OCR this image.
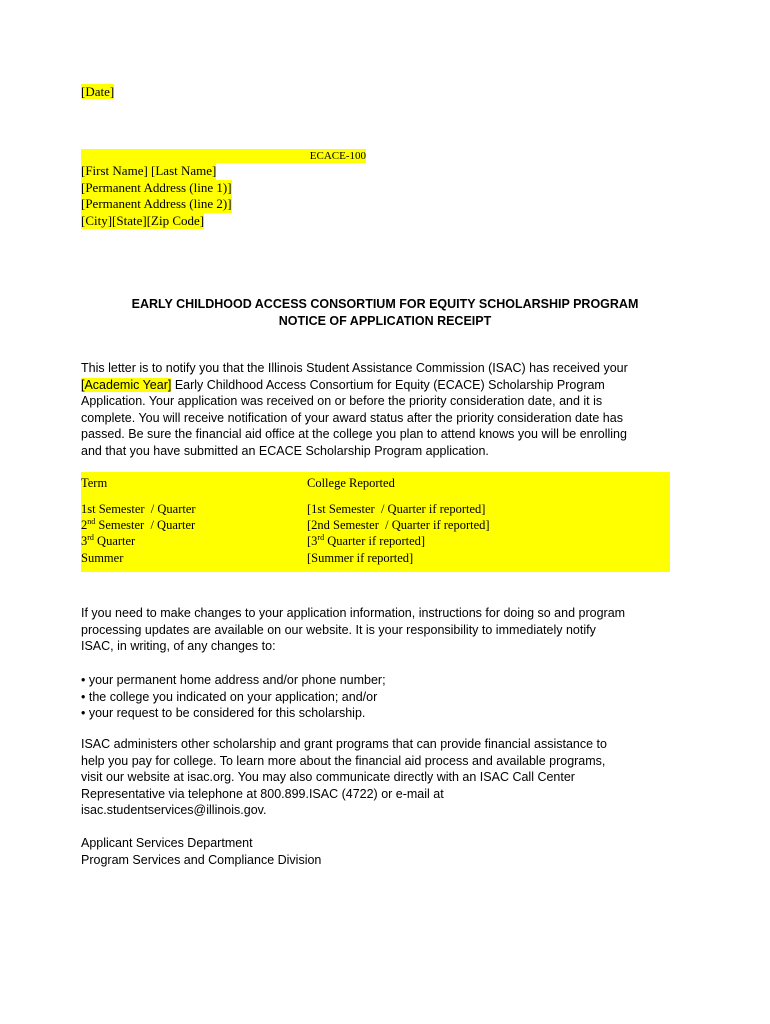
[Date]
ECACE-100
[First Name] [Last Name]
[Permanent Address (line 1)]
[Permanent Address (line 2)]
[City][State][Zip Code]
EARLY CHILDHOOD ACCESS CONSORTIUM FOR EQUITY SCHOLARSHIP PROGRAM
NOTICE OF APPLICATION RECEIPT
This letter is to notify you that the Illinois Student Assistance Commission (ISAC) has received your
[Academic Year] Early Childhood Access Consortium for Equity (ECACE) Scholarship Program
Application. Your application was received on or before the priority consideration date, and it is
complete. You will receive notification of your award status after the priority consideration date has
passed. Be sure the financial aid office at the college you plan to attend knows you will be enrolling
and that you have submitted an ECACE Scholarship Program application.
Term
1st Semester  / Quarter
2nd Semester  / Quarter
3rd Quarter
Summer
College Reported
[1st Semester  / Quarter if reported]
[2nd Semester  / Quarter if reported]
[3rd Quarter if reported]
[Summer if reported]
If you need to make changes to your application information, instructions for doing so and program
processing updates are available on our website. It is your responsibility to immediately notify
ISAC, in writing, of any changes to:
• your permanent home address and/or phone number;
• the college you indicated on your application; and/or
• your request to be considered for this scholarship.
ISAC administers other scholarship and grant programs that can provide financial assistance to
help you pay for college. To learn more about the financial aid process and available programs,
visit our website at isac.org. You may also communicate directly with an ISAC Call Center
Representative via telephone at 800.899.ISAC (4722) or e-mail at
isac.studentservices@illinois.gov.
Applicant Services Department
Program Services and Compliance Division
